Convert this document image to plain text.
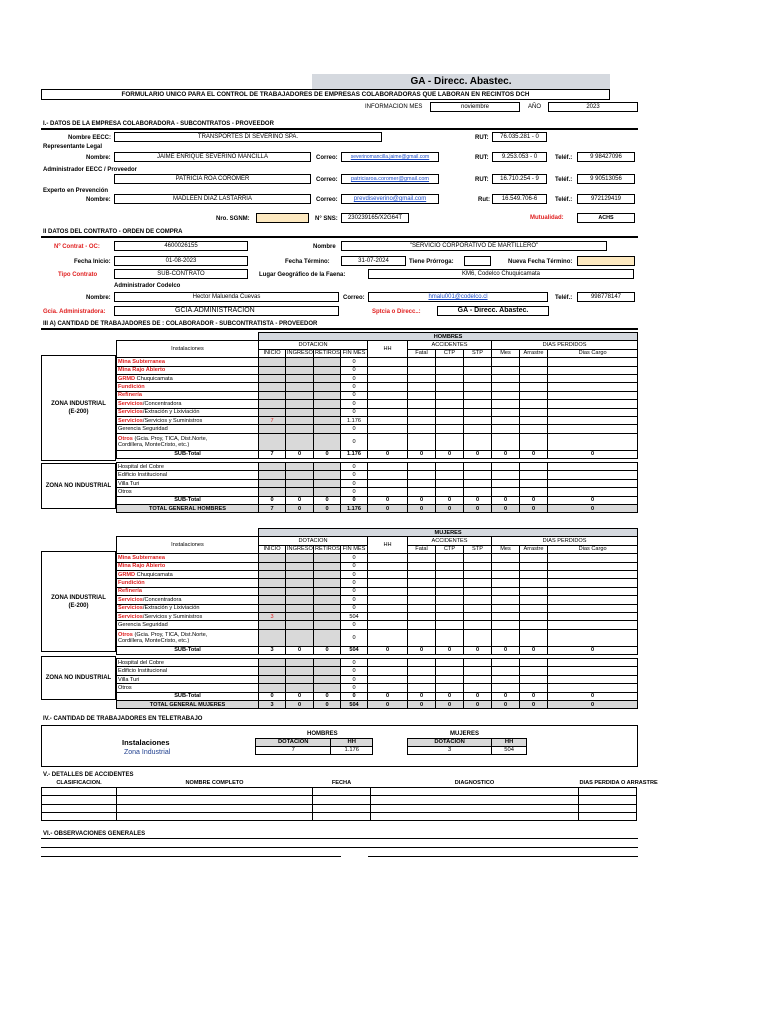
GA - Direcc. Abastec.
FORMULARIO UNICO PARA EL CONTROL DE TRABAJADORES DE EMPRESAS COLABORADORAS QUE LABORAN EN RECINTOS DCH
INFORMACION MES	noviembre	AÑO	2023
I.- DATOS DE LA EMPRESA COLABORADORA - SUBCONTRATOS - PROVEEDOR
Nombre EECC:	TRANSPORTES DI SEVERINO SPA.	RUT:	76.035.281 - 0
Representante Legal
Nombre:	JAIME ENRIQUE SEVERINO MANCILLA	Correo:	severinomancilla.jaime@gmail.com	RUT:	9.253.053 - 0	Teléf.:	9 98427096
Administrador EECC / Proveedor
PATRICIA ROA COROMER	Correo:	patriciaroa.coromer@gmail.com	RUT:	16.710.254 - 9	Teléf.:	9 90513056
Experto en Prevención
Nombre:	MADLEEN DIAZ LASTARRIA	Correo:	prevdiseverino@gmail.com	Rut:	16.549.706-6	Teléf.:	972129419
Nro. SGNM:	N° SNS:	230239165/X2G64T	Mutualidad:	ACHS
II DATOS DEL CONTRATO - ORDEN DE COMPRA
Nº Contrat - OC:	4600026155	Nombre	"SERVICIO CORPORATIVO DE MARTILLERO"
Fecha Inicio:	01-08-2023	Fecha Término:	31-07-2024	Tiene Prórroga:	Nueva Fecha Término:
Tipo Contrato	SUB-CONTRATO	Lugar Geográfico de la Faena:	KM6, Codelco Chuquicamata
Administrador Codelco
Nombre:	Hector Maluenda Cuevas	Correo:	hmalu001@codelco.cl	Teléf.:	998778147
Gcia. Administradora:	GCIA.ADMINISTRACION	Sptcia o Direcc..:	GA - Direcc. Abastec.
III A) CANTIDAD DE TRABAJADORES DE : COLABORADOR - SUBCONTRATISTA - PROVEEDOR
ZONA INDUSTRIAL (E-200)
ZONA NO INDUSTRIAL
	HOMBRES										
Instalaciones	DOTACION				HH	ACCIDENTES			DIAS PERDIDOS		
	INICIO	INGRESO	RETIROS	FIN MES		Fatal	CTP	STP	Mes	Arrastre	Dias Cargo
Mina Subterranea				0							
Mina Rajo Abierto				0							
GRMD Chuquicamata				0							
Fundición				0							
Refinería				0							
Servicios/Concentradora				0							
Servicios/Extración y Lixiviación				0							
Servicios/Servicios y Suministros	7			1.176							
Gerencia Seguridad				0							
Otros (Gcia. Proy, TICA, Dist.Norte,
Cordillera, MonteCristo, etc.)				0							
SUB-Total	7	0	0	1.176	0	0	0	0	0	0	0

Hospital del Cobre				0							
Edificio Institucional				0							
Villa Turi				0							
Otros				0							
SUB-Total	0	0	0	0	0	0	0	0	0	0	0
TOTAL GENERAL HOMBRES	7	0	0	1.176	0	0	0	0	0	0	0
ZONA INDUSTRIAL (E-200)
ZONA NO INDUSTRIAL
	MUJERES										
Instalaciones	DOTACION				HH	ACCIDENTES			DIAS PERDIDOS		
	INICIO	INGRESO	RETIROS	FIN MES		Fatal	CTP	STP	Mes	Arrastre	Dias Cargo
Mina Subterranea				0							
Mina Rajo Abierto				0							
GRMD Chuquicamata				0							
Fundición				0							
Refinería				0							
Servicios/Concentradora				0							
Servicios/Extración y Lixiviación				0							
Servicios/Servicios y Suministros	3			504							
Gerencia Seguridad				0							
Otros (Gcia. Proy, TICA, Dist.Norte,
Cordillera, MonteCristo, etc.)				0							
SUB-Total	3	0	0	504	0	0	0	0	0	0	0

Hospital del Cobre				0							
Edificio Institucional				0							
Villa Turi				0							
Otros				0							
SUB-Total	0	0	0	0	0	0	0	0	0	0	0
TOTAL GENERAL MUJERES	3	0	0	504	0	0	0	0	0	0	0
IV.- CANTIDAD DE TRABAJADORES EN TELETRABAJO
HOMBRES	MUJERES
Instalaciones
Zona Industrial
DOTACIÓN	HH
7	1.176
DOTACIÓN	HH
3	504
V.- DETALLES DE ACCIDENTES
CLASIFICACION.	NOMBRE COMPLETO	FECHA	DIAGNOSTICO	DIAS PERDIDA O ARRASTRE

VI.- OBSERVACIONES GENERALES
